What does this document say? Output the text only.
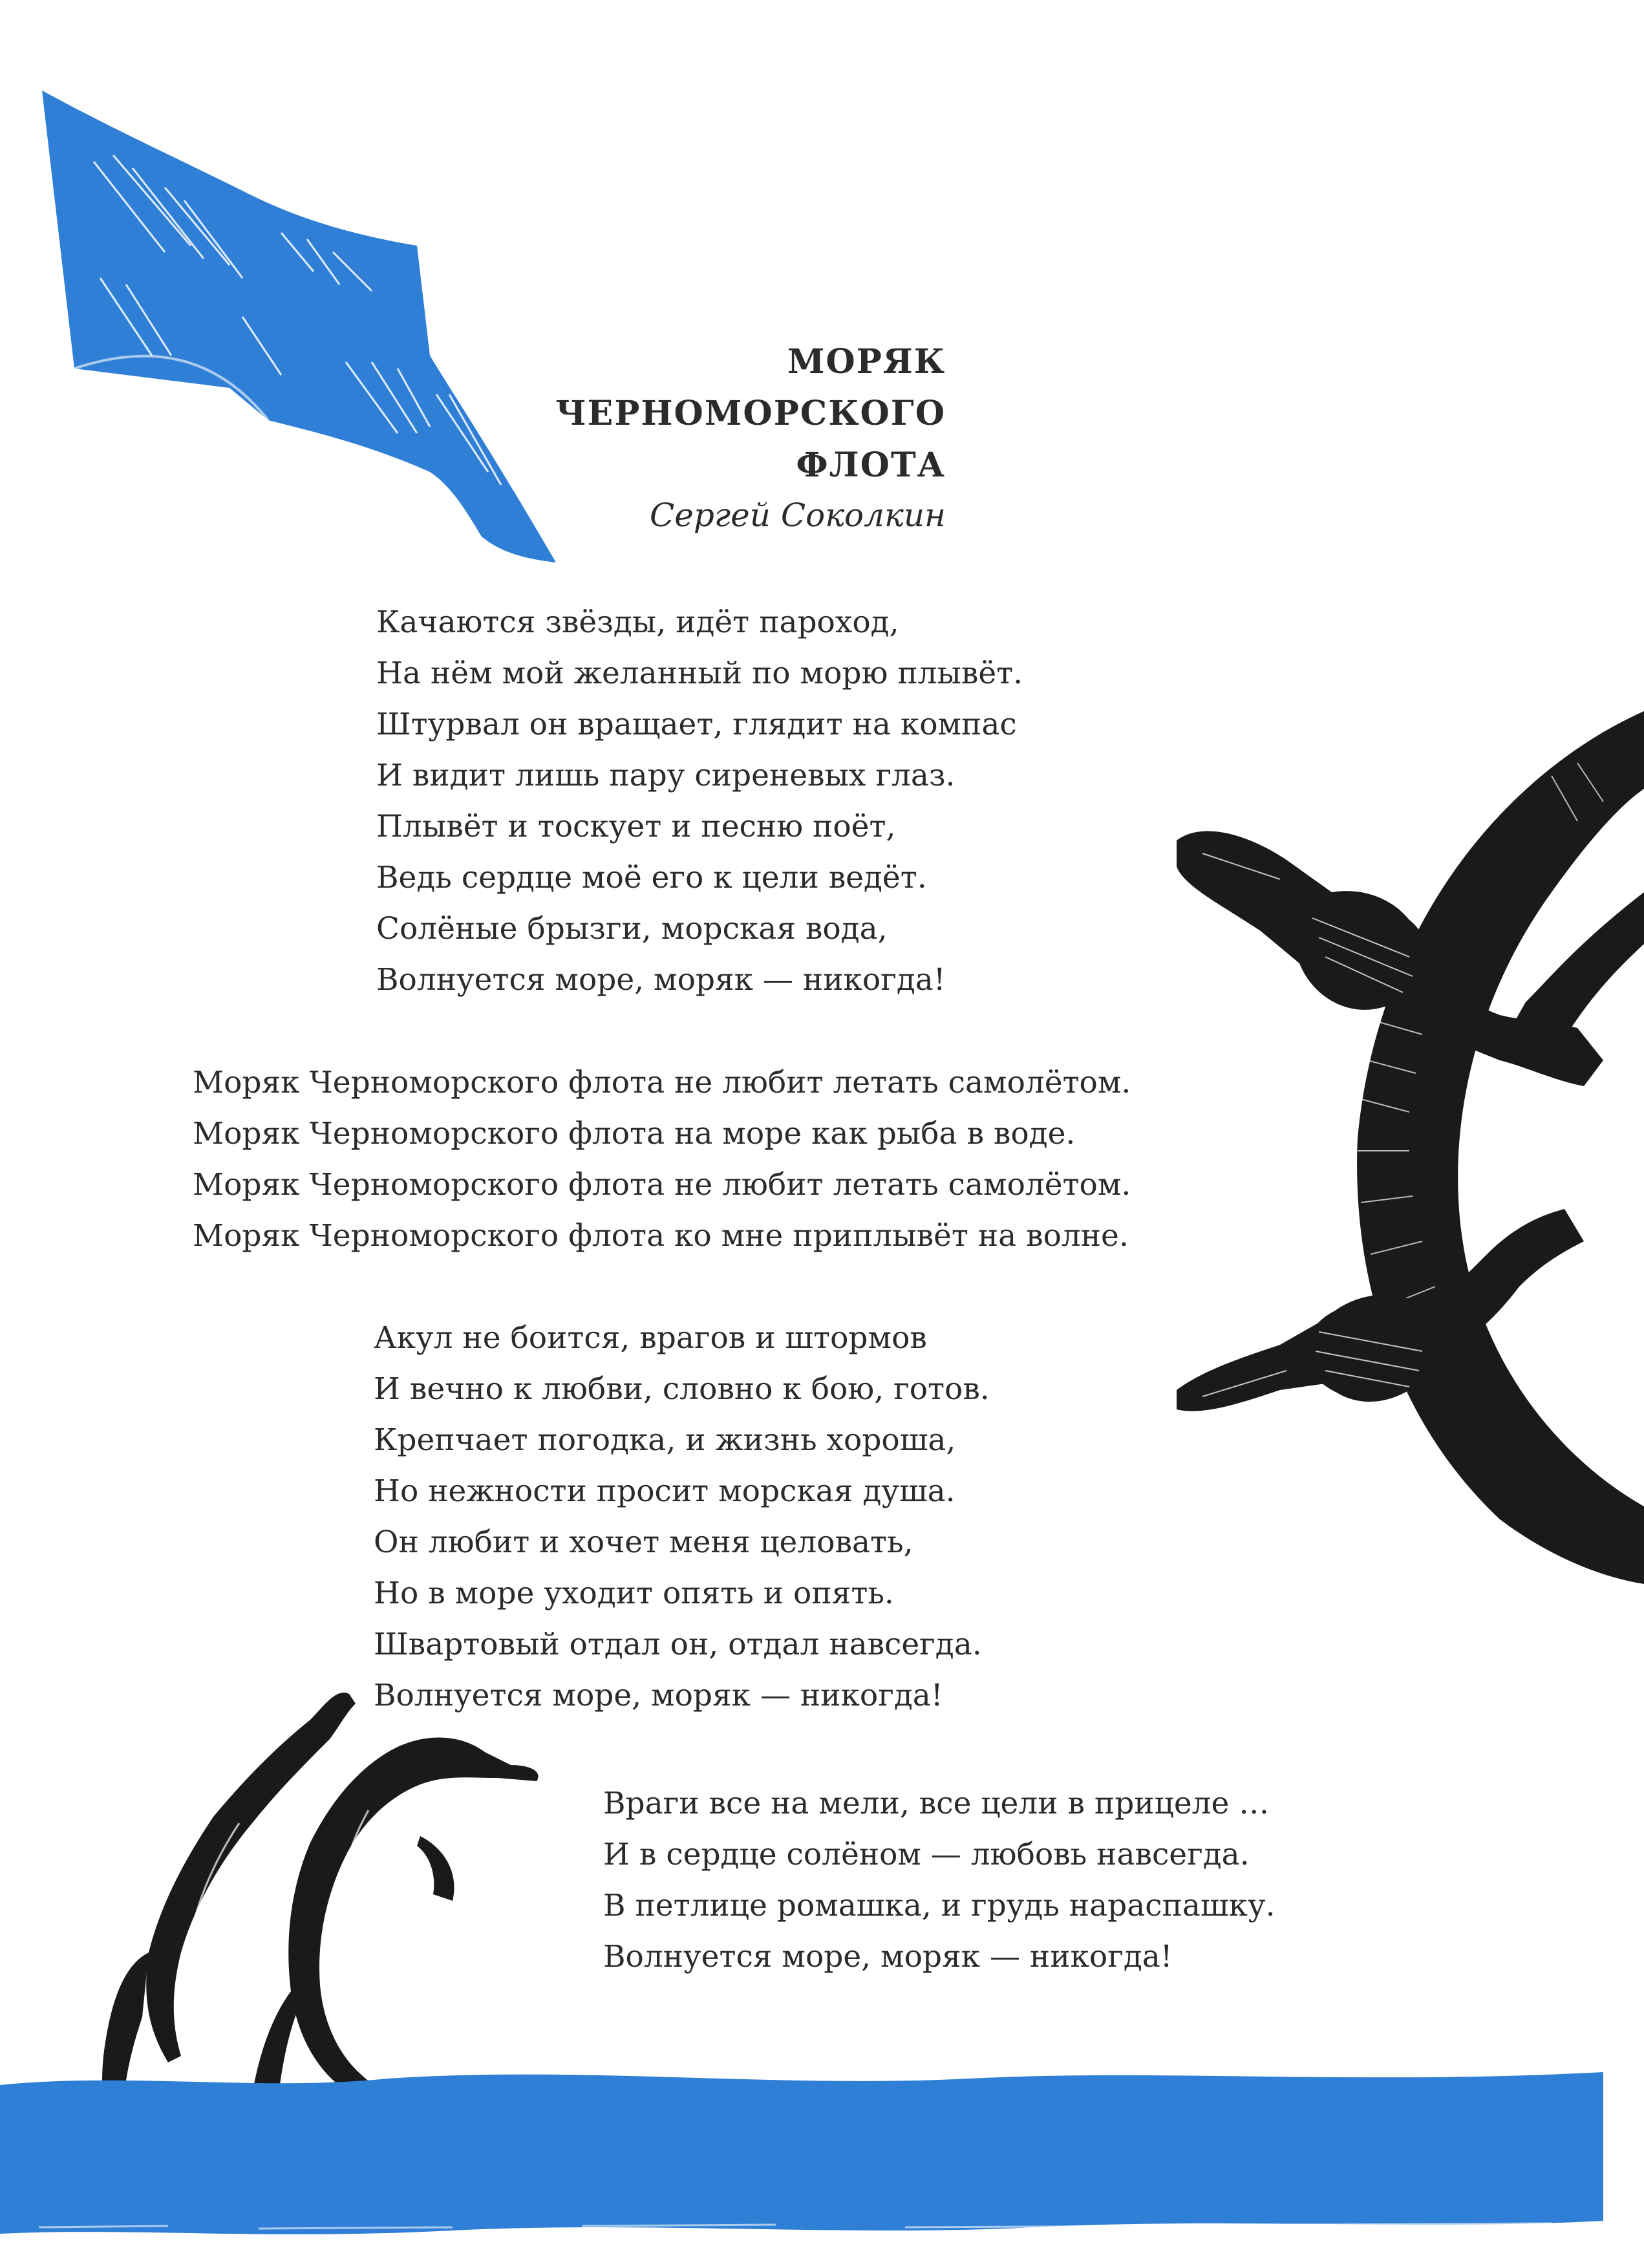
МОРЯК
ЧЕРНОМОРСКОГО
ФЛОТА
Сергей Соколкин
Качаются звёзды, идёт пароход,
На нём мой желанный по морю плывёт.
Штурвал он вращает, глядит на компас
И видит лишь пару сиреневых глаз.
Плывёт и тоскует и песню поёт,
Ведь сердце моё его к цели ведёт.
Солёные брызги, морская вода,
Волнуется море, моряк — никогда!
Моряк Черноморского флота не любит летать самолётом.
Моряк Черноморского флота на море как рыба в воде.
Моряк Черноморского флота не любит летать самолётом.
Моряк Черноморского флота ко мне приплывёт на волне.
Акул не боится, врагов и штормов
И вечно к любви, словно к бою, готов.
Крепчает погодка, и жизнь хороша,
Но нежности просит морская душа.
Он любит и хочет меня целовать,
Но в море уходит опять и опять.
Швартовый отдал он, отдал навсегда.
Волнуется море, моряк — никогда!
Враги все на мели, все цели в прицеле …
И в сердце солёном — любовь навсегда.
В петлице ромашка, и грудь нараспашку.
Волнуется море, моряк — никогда!
